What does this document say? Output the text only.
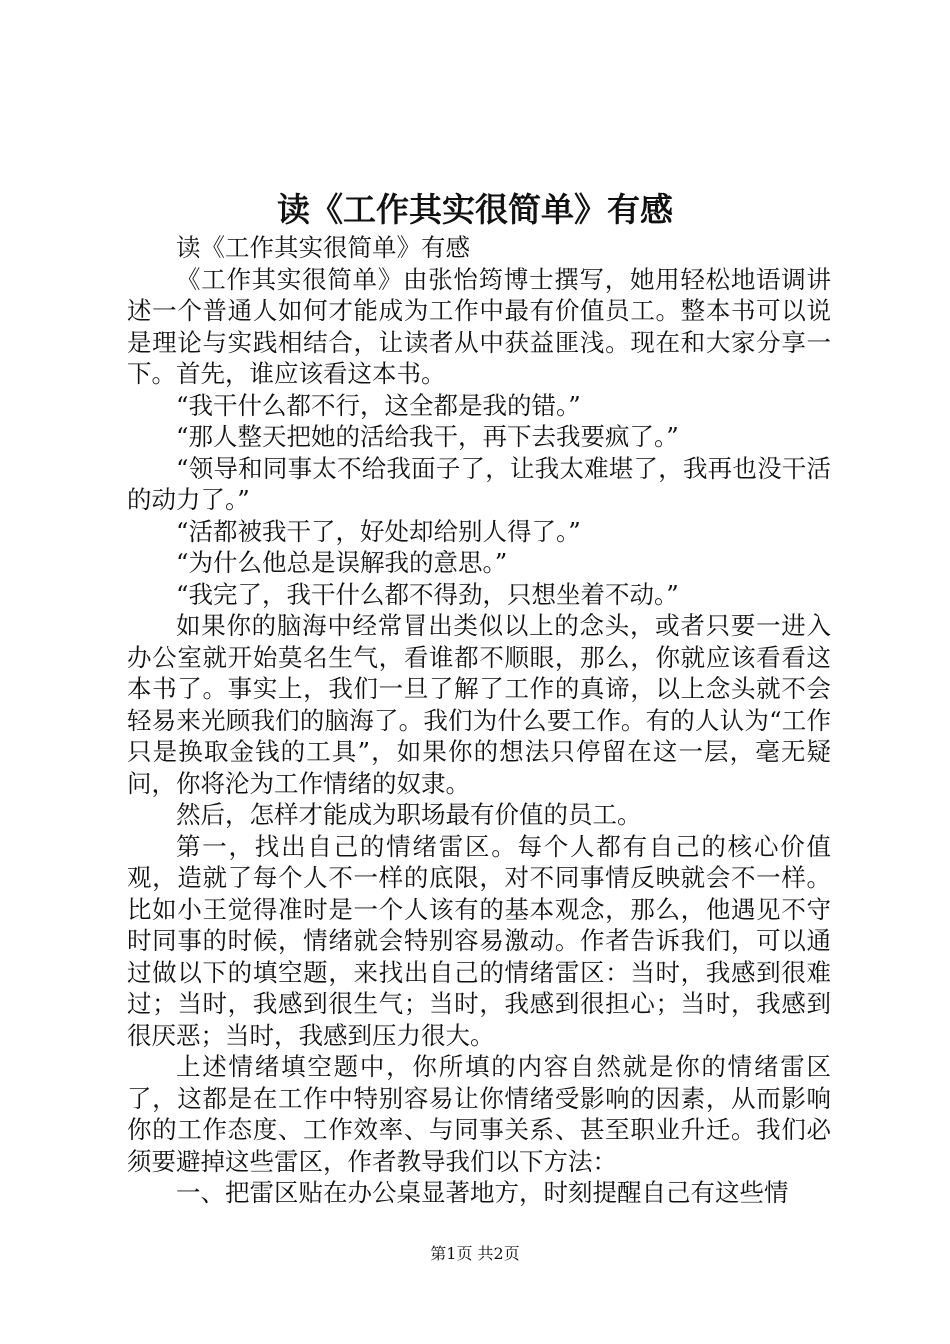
读《工作其实很简单》有感

读《工作其实很简单》有感

《工作其实很简单》由张怡筠博士撰写，她用轻松地语调讲述一个普通人如何才能成为工作中最有价值员工。整本书可以说是理论与实践相结合，让读者从中获益匪浅。现在和大家分享一下。首先，谁应该看这本书。

“我干什么都不行，这全都是我的错。”

“那人整天把她的活给我干，再下去我要疯了。”

“领导和同事太不给我面子了，让我太难堪了，我再也没干活的动力了。”

“活都被我干了，好处却给别人得了。”

“为什么他总是误解我的意思。”

“我完了，我干什么都不得劲，只想坐着不动。”

如果你的脑海中经常冒出类似以上的念头，或者只要一进入办公室就开始莫名生气，看谁都不顺眼，那么，你就应该看看这本书了。事实上，我们一旦了解了工作的真谛，以上念头就不会轻易来光顾我们的脑海了。我们为什么要工作。有的人认为“工作只是换取金钱的工具”，如果你的想法只停留在这一层，毫无疑问，你将沦为工作情绪的奴隶。

然后，怎样才能成为职场最有价值的员工。

第一，找出自己的情绪雷区。每个人都有自己的核心价值观，造就了每个人不一样的底限，对不同事情反映就会不一样。比如小王觉得准时是一个人该有的基本观念，那么，他遇见不守时同事的时候，情绪就会特别容易激动。作者告诉我们，可以通过做以下的填空题，来找出自己的情绪雷区：当时，我感到很难过；当时，我感到很生气；当时，我感到很担心；当时，我感到很厌恶；当时，我感到压力很大。

上述情绪填空题中，你所填的内容自然就是你的情绪雷区了，这都是在工作中特别容易让你情绪受影响的因素，从而影响你的工作态度、工作效率、与同事关系、甚至职业升迁。我们必须要避掉这些雷区，作者教导我们以下方法：

一、把雷区贴在办公桌显著地方，时刻提醒自己有这些情

第1页 共2页
